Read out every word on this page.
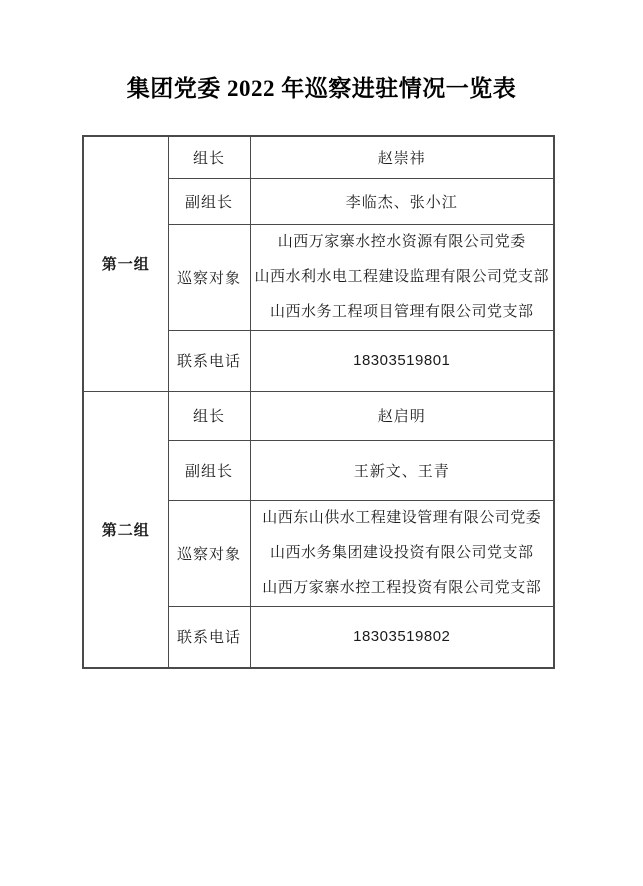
集团党委 2022 年巡察进驻情况一览表
第一组	组长	赵崇祎
	副组长	李临杰、张小江
	巡察对象	山西万家寨水控水资源有限公司党委
山西水利水电工程建设监理有限公司党支部
山西水务工程项目管理有限公司党支部

	联系电话	18303519801
第二组	组长	赵启明
	副组长	王新文、王青
	巡察对象	山西东山供水工程建设管理有限公司党委
山西水务集团建设投资有限公司党支部
山西万家寨水控工程投资有限公司党支部

	联系电话	18303519802
